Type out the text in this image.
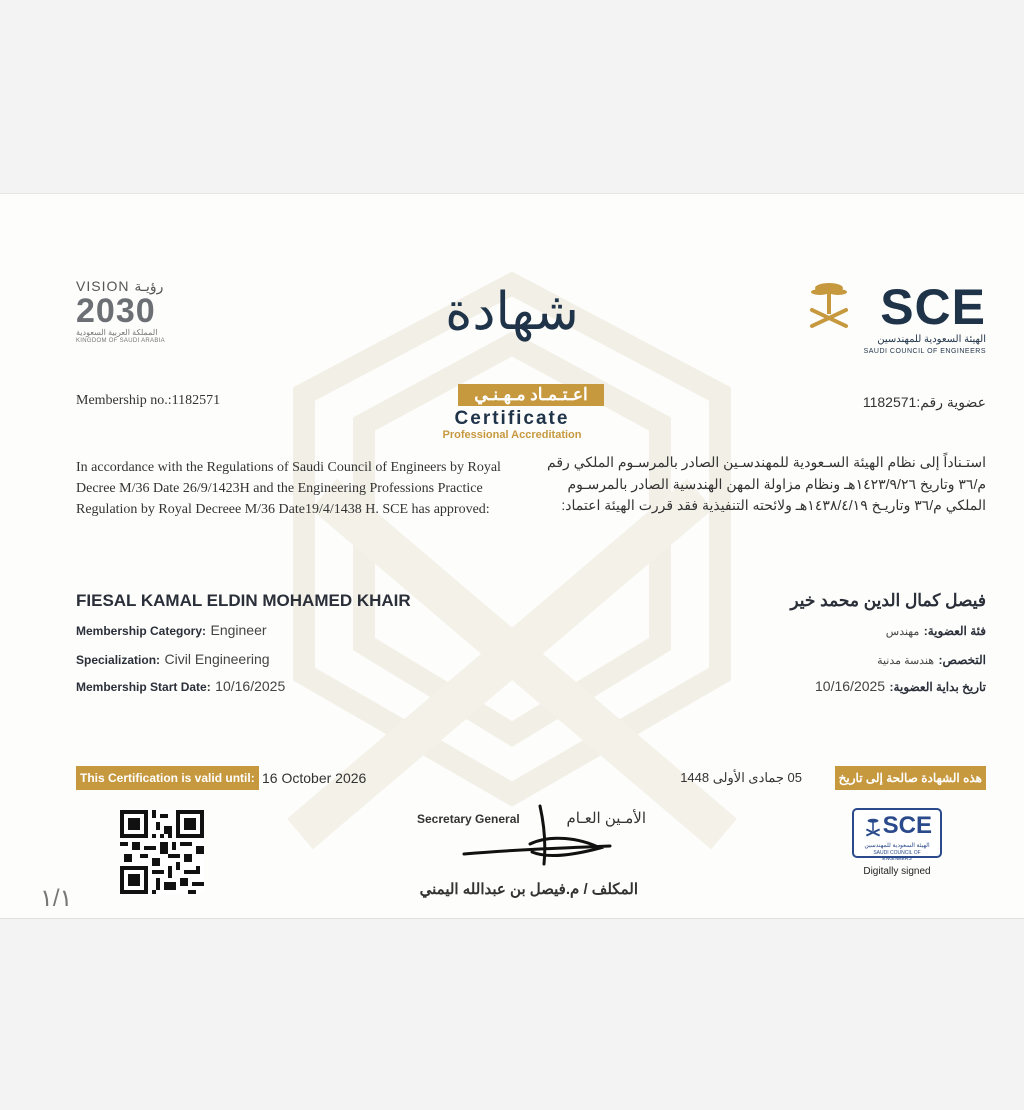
SCE
الهيئة السعودية للمهندسين
SAUDI COUNCIL OF ENGINEERS
VISION رؤيـة
2030
المملكة العربية السعودية
KINGDOM OF SAUDI ARABIA	شهادة
اعـتـمـاد مـهـنـي
Certificate
Professional Accreditation
Membership no.:1182571	عضوية رقم:1182571
In accordance with the Regulations of Saudi Council of Engineers by Royal Decree M/36 Date 26/9/1423H and the Engineering Professions Practice Regulation by Royal Decreee M/36 Date19/4/1438 H. SCE has approved:
استـناداً إلى نظام الهيئة السـعودية للمهندسـين الصادر بالمرسـوم الملكي رقم م/٣٦ وتاريخ ١٤٢٣/٩/٢٦هـ ونظام مزاولة المهن الهندسية الصادر بالمرسـوم الملكي م/٣٦ وتاريـخ ١٤٣٨/٤/١٩هـ ولائحته التنفيذية فقد قررت الهيئة اعتماد:
FIESAL KAMAL ELDIN MOHAMED KHAIR
Membership Category: Engineer
Specialization: Civil Engineering
Membership Start Date: 10/16/2025
فيصل كمال الدين محمد خير
فئة العضوية: مهندس
التخصص: هندسة مدنية
تاريخ بداية العضوية: 10/16/2025
This Certification is valid until: 16 October 2026	هذه الشهادة صالحة إلى تاريخ
05 جمادى الأولى 1448
Secretary General	الأمـين العـام
المكلف / م.فيصل بن عبدالله اليمني
SCE
الهيئة السعودية للمهندسين
SAUDI COUNCIL OF ENGINEERS
Digitally signed
١/١
